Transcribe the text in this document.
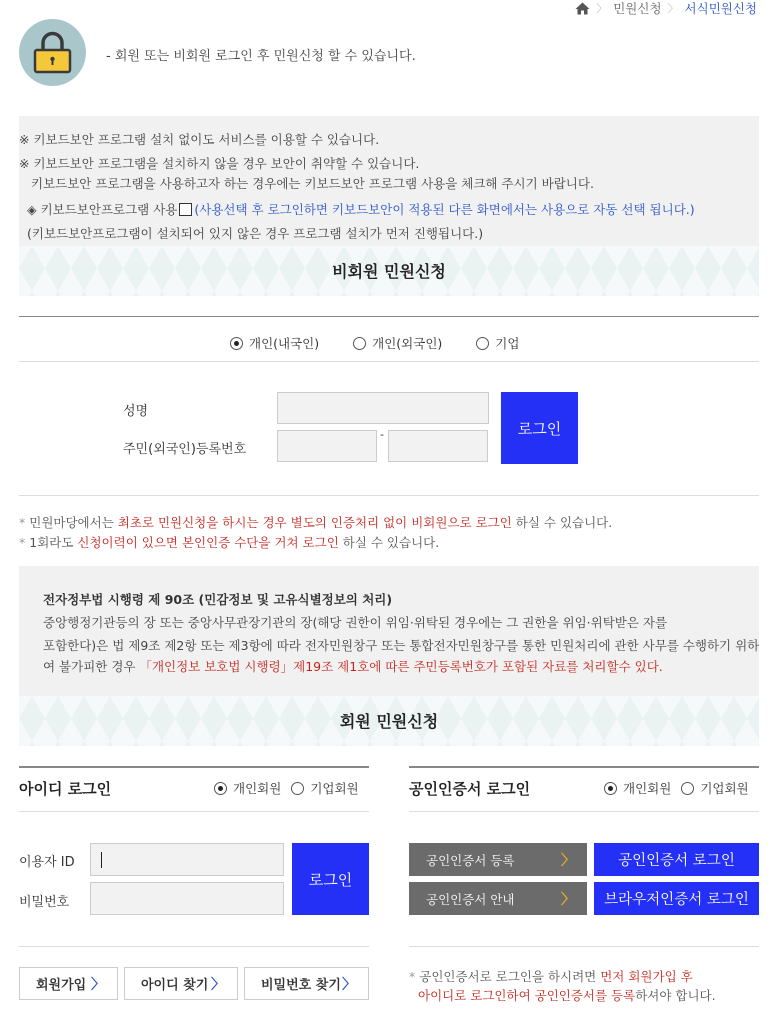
〉 민원신청 〉 서식민원신청
- 회원 또는 비회원 로그인 후 민원신청 할 수 있습니다.
※ 키보드보안 프로그램 설치 없이도 서비스를 이용할 수 있습니다.
※ 키보드보안 프로그램을 설치하지 않을 경우 보안이 취약할 수 있습니다.
키보드보안 프로그램을 사용하고자 하는 경우에는 키보드보안 프로그램 사용을 체크해 주시기 바랍니다.
◈ 키보드보안프로그램 사용 (사용선택 후 로그인하면 키보드보안이 적용된 다른 화면에서는 사용으로 자동 선택 됩니다.)
(키보드보안프로그램이 설치되어 있지 않은 경우 프로그램 설치가 먼저 진행됩니다.)
비회원 민원신청
개인(내국인)	개인(외국인)	기업
성명
주민(외국인)등록번호
-	로그인
* 민원마당에서는 최초로 민원신청을 하시는 경우 별도의 인증처리 없이 비회원으로 로그인 하실 수 있습니다.
* 1회라도 신청이력이 있으면 본인인증 수단을 거쳐 로그인 하실 수 있습니다.
전자정부법 시행령 제 90조 (민감정보 및 고유식별정보의 처리)
중앙행정기관등의 장 또는 중앙사무관장기관의 장(해당 권한이 위임·위탁된 경우에는 그 권한을 위임·위탁받은 자를
포함한다)은 법 제9조 제2항 또는 제3항에 따라 전자민원창구 또는 통합전자민원창구를 통한 민원처리에 관한 사무를 수행하기 위하
여 불가피한 경우 「개인정보 보호법 시행령」제19조 제1호에 따른 주민등록번호가 포함된 자료를 처리할수 있다.
회원 민원신청
아이디 로그인	개인회원 기업회원
이용자 ID
비밀번호
로그인
회원가입 〉	아이디 찾기 〉	비밀번호 찾기 〉
공인인증서 로그인	개인회원 기업회원
공인인증서 등록	〉
공인인증서 안내	〉
공인인증서 로그인
브라우저인증서 로그인
* 공인인증서로 로그인을 하시려면 먼저 회원가입 후
아이디로 로그인하여 공인인증서를 등록하셔야 합니다.
